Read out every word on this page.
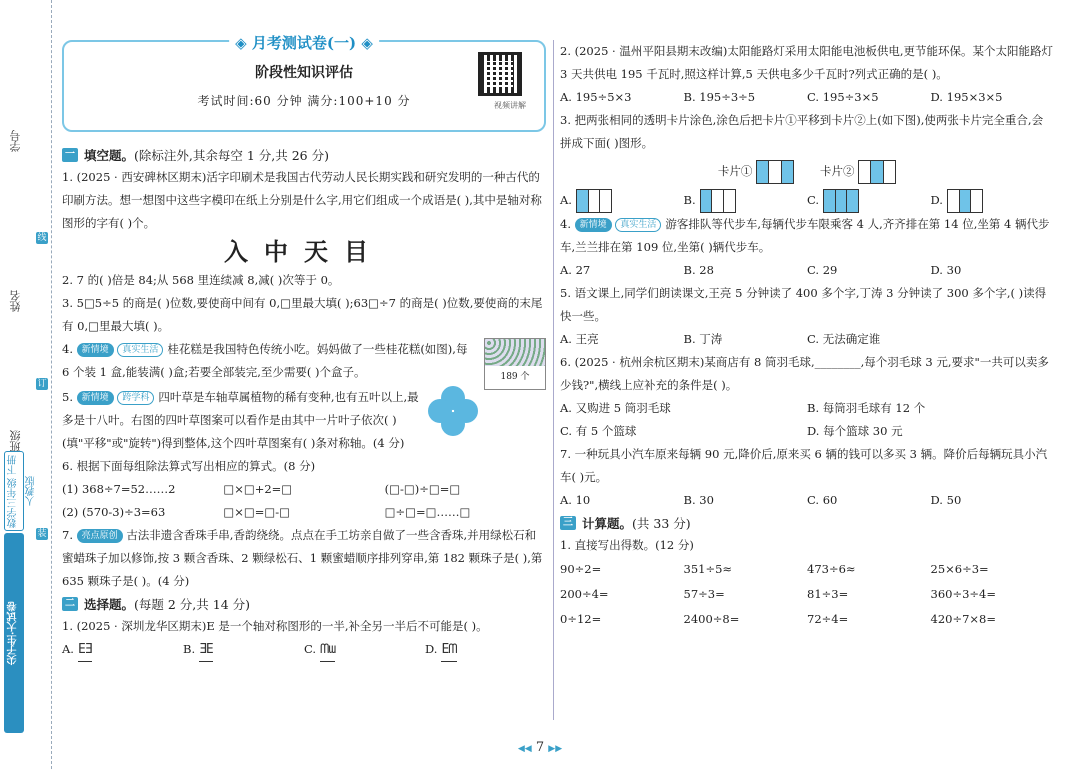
学号
线
姓名
订
班级
装
数学三年级 下册 人教版
尖子生·大试卷
◈ 月考测试卷(一) ◈
阶段性知识评估
考试时间:60 分钟 满分:100+10 分	视频讲解
一 填空题。 (除标注外,其余每空 1 分,共 26 分)

1. (2025 · 西安碑林区期末)活字印刷术是我国古代劳动人民长期实践和研究发明的一种古代的印刷方法。想一想图中这些字模印在纸上分别是什么字,用它们组成一个成语是( ),其中是轴对称图形的字有( )个。

入中天目

2. 7 的( )倍是 84;从 568 里连续减 8,减( )次等于 0。

3. 5□5÷5 的商是( )位数,要使商中间有 0,□里最大填( );63□÷7 的商是( )位数,要使商的末尾有 0,□里最大填( )。

189 个
4. 新情境 真实生活 桂花糕是我国特色传统小吃。妈妈做了一些桂花糕(如图),每 6 个装 1 盒,能装满( )盒;若要全部装完,至少需要( )个盒子。
5. 新情境 跨学科 四叶草是车轴草属植物的稀有变种,也有五叶以上,最多是十八叶。右图的四叶草图案可以看作是由其中一片叶子依次( )(填"平移"或"旋转")得到整体,这个四叶草图案有( )条对称轴。(4 分)

6. 根据下面每组除法算式写出相应的算式。(8 分)

(1) 368÷7=52……2	□×□+2=□	(□-□)÷□=□
(2) (570-3)÷3=63	□×□=□-□	□÷□=□……□
7. 亮点原创 古法非遗含香珠手串,香韵绕绕。点点在手工坊亲自做了一些含香珠,并用绿松石和蜜蜡珠子加以修饰,按 3 颗含香珠、2 颗绿松石、1 颗蜜蜡顺序排列穿串,第 182 颗珠子是( ),第 635 颗珠子是( )。(4 分)
二 选择题。 (每题 2 分,共 14 分)

1. (2025 · 深圳龙华区期末)E 是一个轴对称图形的一半,补全另一半后不可能是( )。

A. EƎ	B. ƎE	C. ᗰɯ	D. Eᗰ

2. (2025 · 温州平阳县期末改编)太阳能路灯采用太阳能电池板供电,更节能环保。某个太阳能路灯 3 天共供电 195 千瓦时,照这样计算,5 天供电多少千瓦时?列式正确的是( )。

A. 195÷5×3	B. 195÷3÷5	C. 195÷3×5	D. 195×3×5

3. 把两张相同的透明卡片涂色,涂色后把卡片①平移到卡片②上(如下图),使两张卡片完全重合,会拼成下面( )图形。

卡片①	卡片②
A.	B.	C.	D.
4. 新情境 真实生活 游客排队等代步车,每辆代步车限乘客 4 人,齐齐排在第 14 位,坐第 4 辆代步车,兰兰排在第 109 位,坐第( )辆代步车。
A. 27	B. 28	C. 29	D. 30

5. 语文课上,同学们朗读课文,王亮 5 分钟读了 400 多个字,丁涛 3 分钟读了 300 多个字,( )读得快一些。

A. 王亮	B. 丁涛	C. 无法确定谁

6. (2025 · 杭州余杭区期末)某商店有 8 筒羽毛球,________,每个羽毛球 3 元,要求"一共可以卖多少钱?",横线上应补充的条件是( )。

A. 又购进 5 筒羽毛球	B. 每筒羽毛球有 12 个
C. 有 5 个篮球	D. 每个篮球 30 元

7. 一种玩具小汽车原来每辆 90 元,降价后,原来买 6 辆的钱可以多买 3 辆。降价后每辆玩具小汽车( )元。

A. 10	B. 30	C. 60	D. 50
三 计算题。 (共 33 分)

1. 直接写出得数。(12 分)

90÷2=	351÷5≈	473÷6≈	25×6÷3=
200÷4=	57÷3=	81÷3=	360÷3÷4=
0÷12=	2400÷8=	72÷4=	420÷7×8=
◀◀ 7 ▶▶
